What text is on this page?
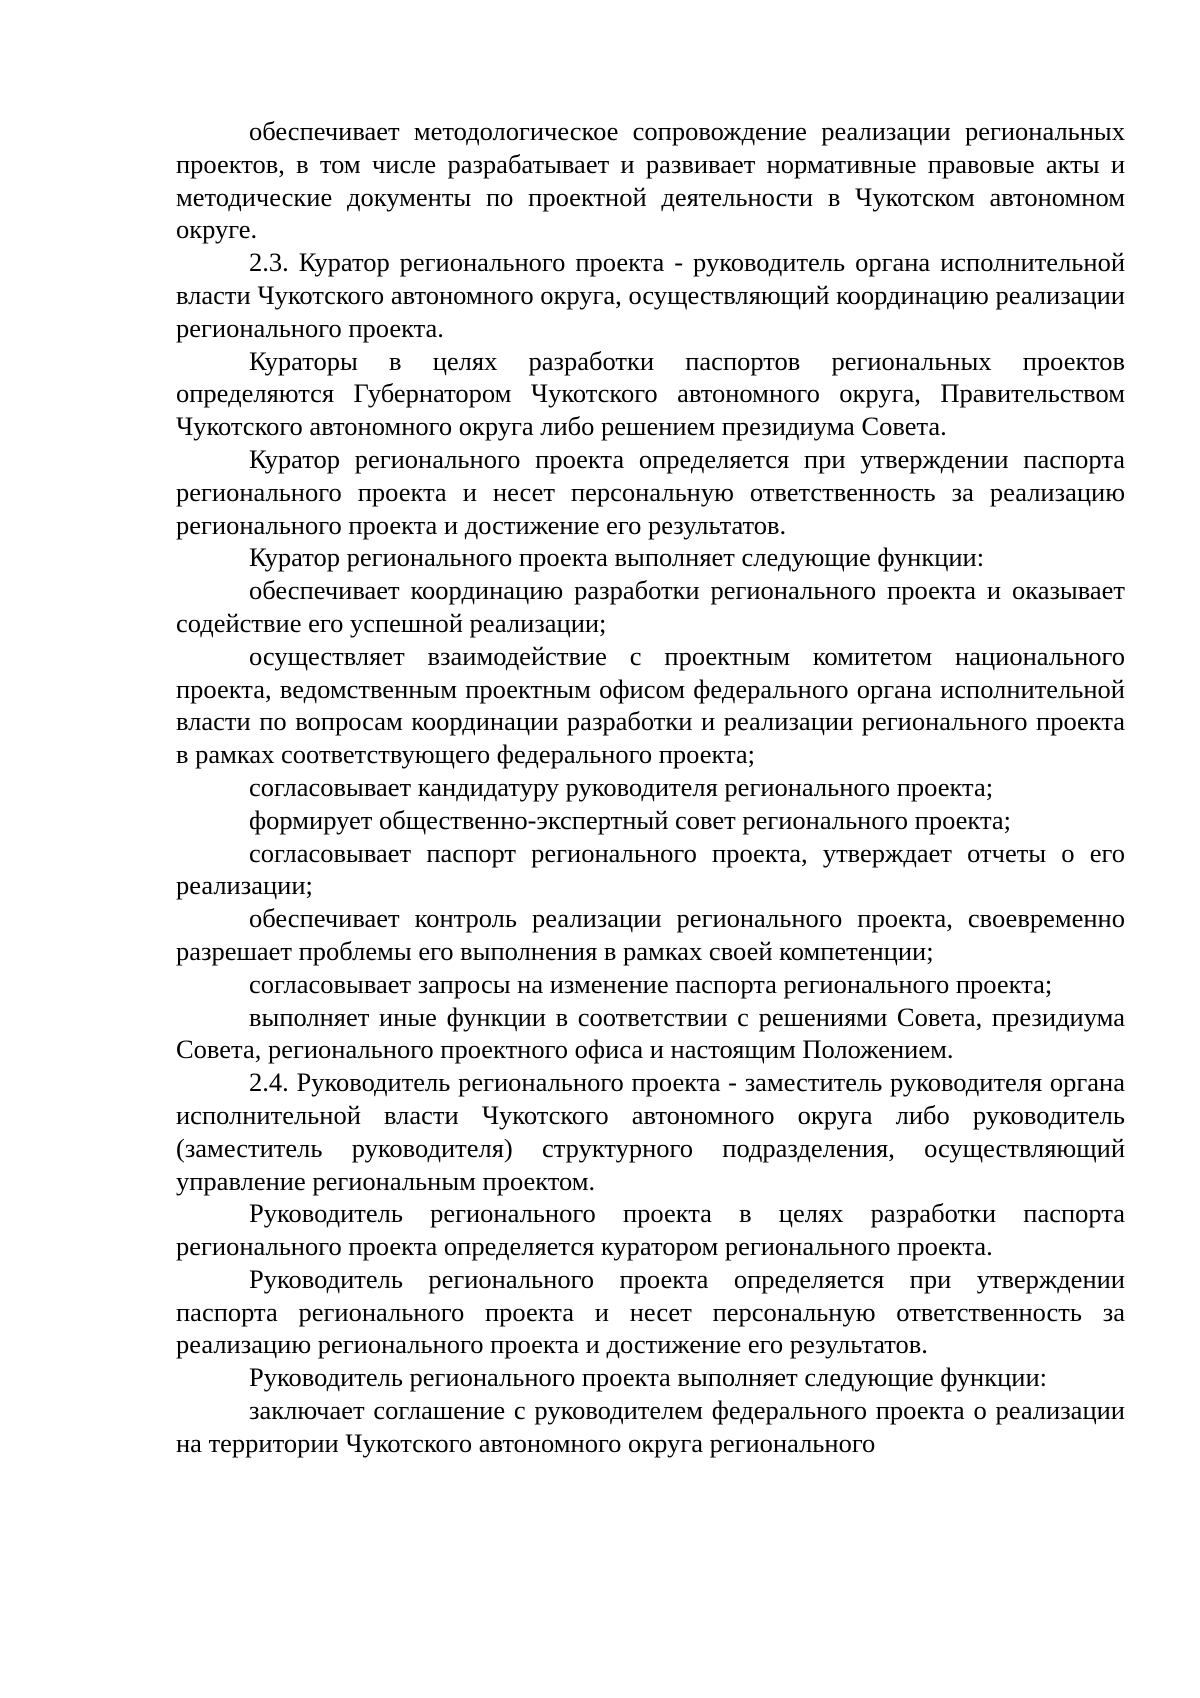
обеспечивает методологическое сопровождение реализации региональных проектов, в том числе разрабатывает и развивает нормативные правовые акты и методические документы по проектной деятельности в Чукотском автономном округе.

2.3. Куратор регионального проекта - руководитель органа исполнительной власти Чукотского автономного округа, осуществляющий координацию реализации регионального проекта.

Кураторы в целях разработки паспортов региональных проектов определяются Губернатором Чукотского автономного округа, Правительством Чукотского автономного округа либо решением президиума Совета.

Куратор регионального проекта определяется при утверждении паспорта регионального проекта и несет персональную ответственность за реализацию регионального проекта и достижение его результатов.

Куратор регионального проекта выполняет следующие функции:

обеспечивает координацию разработки регионального проекта и оказывает содействие его успешной реализации;

осуществляет взаимодействие с проектным комитетом национального проекта, ведомственным проектным офисом федерального органа исполнительной власти по вопросам координации разработки и реализации регионального проекта в рамках соответствующего федерального проекта;

согласовывает кандидатуру руководителя регионального проекта;

формирует общественно-экспертный совет регионального проекта;

согласовывает паспорт регионального проекта, утверждает отчеты о его реализации;

обеспечивает контроль реализации регионального проекта, своевременно разрешает проблемы его выполнения в рамках своей компетенции;

согласовывает запросы на изменение паспорта регионального проекта;

выполняет иные функции в соответствии с решениями Совета, президиума Совета, регионального проектного офиса и настоящим Положением.

2.4. Руководитель регионального проекта - заместитель руководителя органа исполнительной власти Чукотского автономного округа либо руководитель (заместитель руководителя) структурного подразделения, осуществляющий управление региональным проектом.

Руководитель регионального проекта в целях разработки паспорта регионального проекта определяется куратором регионального проекта.

Руководитель регионального проекта определяется при утверждении паспорта регионального проекта и несет персональную ответственность за реализацию регионального проекта и достижение его результатов.

Руководитель регионального проекта выполняет следующие функции:

заключает соглашение с руководителем федерального проекта о реализации на территории Чукотского автономного округа регионального
